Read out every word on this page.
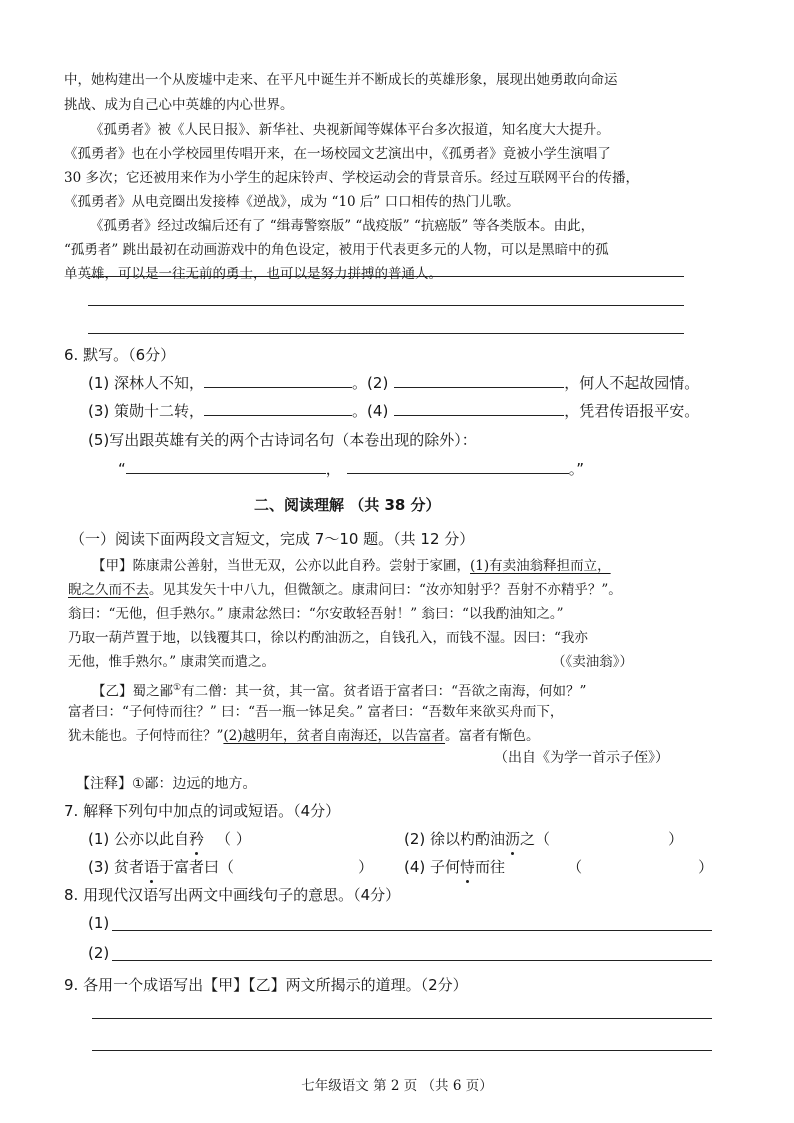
中，她构建出一个从废墟中走来、在平凡中诞生并不断成长的英雄形象，展现出她勇敢向命运
挑战、成为自己心中英雄的内心世界。
《孤勇者》被《人民日报》、新华社、央视新闻等媒体平台多次报道，知名度大大提升。
《孤勇者》也在小学校园里传唱开来，在一场校园文艺演出中，《孤勇者》竟被小学生演唱了
30 多次；它还被用来作为小学生的起床铃声、学校运动会的背景音乐。经过互联网平台的传播，
《孤勇者》从电竞圈出发接棒《逆战》，成为 “10 后” 口口相传的热门儿歌。
《孤勇者》经过改编后还有了 “缉毒警察版” “战疫版” “抗癌版” 等各类版本。由此，
“孤勇者” 跳出最初在动画游戏中的角色设定，被用于代表更多元的人物，可以是黑暗中的孤
单英雄，可以是一往无前的勇士，也可以是努力拼搏的普通人。
6. 默写。（6分）
(1) 深林人不知，	。(2)	，何人不起故园情。
(3) 策勋十二转，	。(4)	，凭君传语报平安。
(5)写出跟英雄有关的两个古诗词名句（本卷出现的除外）：
“	，	。”
二、阅读理解 （共 38 分）
（一）阅读下面两段文言短文，完成 7～10 题。（共 12 分）
【甲】陈康肃公善射，当世无双，公亦以此自矜。尝射于家圃，(1)有卖油翁释担而立，
睨之久而不去。见其发矢十中八九，但微颔之。康肃问曰：“汝亦知射乎？吾射不亦精乎？”。
翁曰：“无他，但手熟尔。” 康肃忿然曰：“尔安敢轻吾射！” 翁曰：“以我酌油知之。”
乃取一葫芦置于地，以钱覆其口，徐以杓酌油沥之，自钱孔入，而钱不湿。因曰：“我亦
无他，惟手熟尔。” 康肃笑而遣之。	（《卖油翁》）
【乙】蜀之鄙①有二僧：其一贫，其一富。贫者语于富者曰：“吾欲之南海，何如？”
富者曰：“子何恃而往？” 曰：“吾一瓶一钵足矣。” 富者曰：“吾数年来欲买舟而下，
犹未能也。子何恃而往？”(2)越明年，贫者自南海还，以告富者。富者有惭色。
（出自《为学一首示子侄》）
【注释】①鄙：边远的地方。
7. 解释下列句中加点的词或短语。（4分）
(1) 公亦以此自矜 （ ）	(2) 徐以杓酌油沥之（	）
(3) 贫者语于富者曰（	） (4) 子何恃而往	（	）
8. 用现代汉语写出两文中画线句子的意思。（4分）
(1)
(2)
9. 各用一个成语写出【甲】【乙】两文所揭示的道理。（2分）
七年级语文 第 2 页 （共 6 页）
